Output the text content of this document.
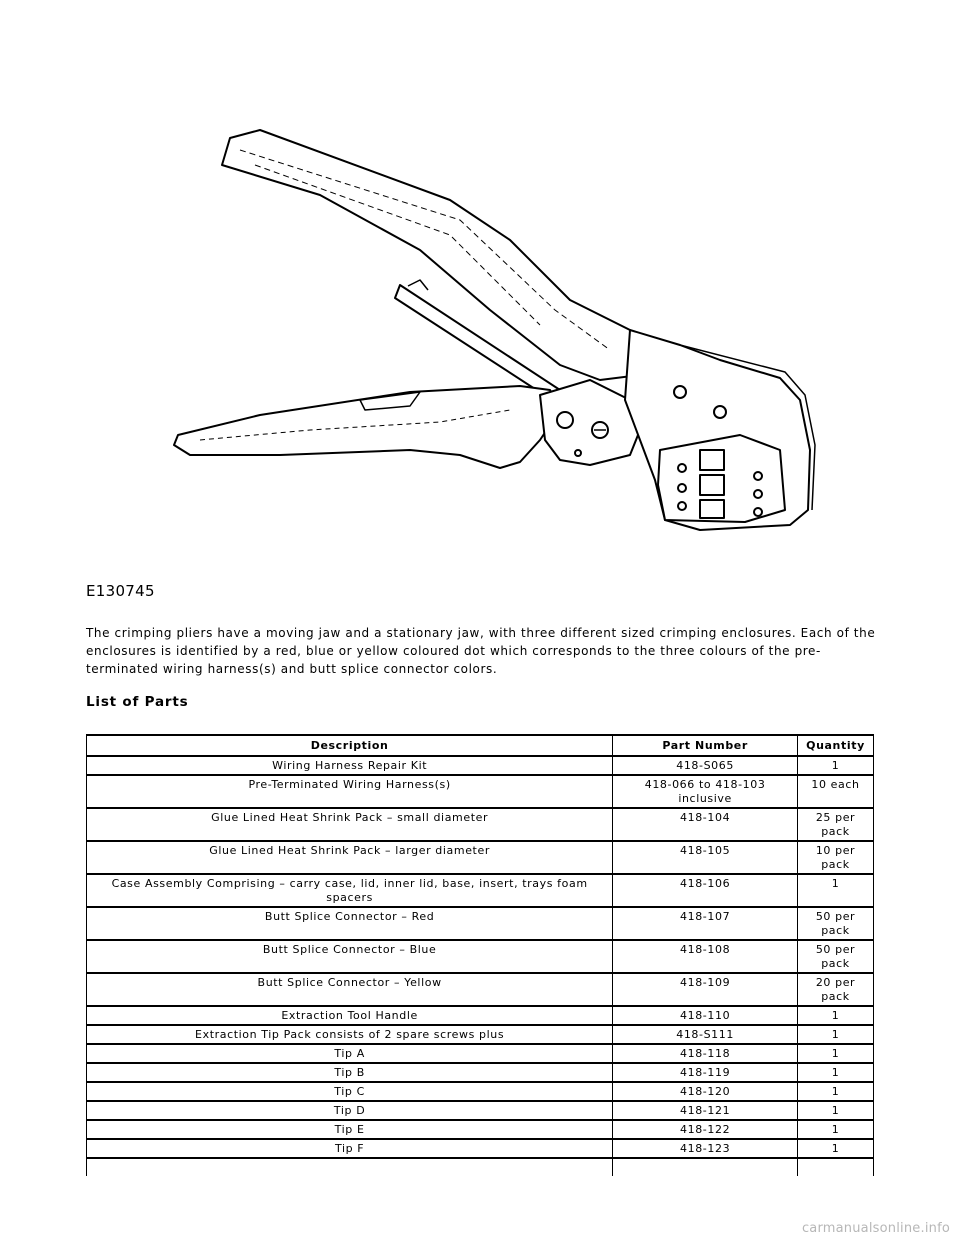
E130745

The crimping pliers have a moving jaw and a stationary jaw, with three different sized crimping enclosures. Each of the enclosures is identified by a red, blue or yellow coloured dot which corresponds to the three colours of the pre-terminated wiring harness(s) and butt splice connector colors.

List of Parts
Description	Part Number	Quantity
Wiring Harness Repair Kit	418-S065	1
Pre-Terminated Wiring Harness(s)	418-066 to 418-103 inclusive	10 each
Glue Lined Heat Shrink Pack – small diameter	418-104	25 per pack
Glue Lined Heat Shrink Pack – larger diameter	418-105	10 per pack
Case Assembly Comprising – carry case, lid, inner lid, base, insert, trays foam spacers	418-106	1
Butt Splice Connector – Red	418-107	50 per pack
Butt Splice Connector – Blue	418-108	50 per pack
Butt Splice Connector – Yellow	418-109	20 per pack
Extraction Tool Handle	418-110	1
Extraction Tip Pack consists of 2 spare screws plus	418-S111	1
Tip A	418-118	1
Tip B	418-119	1
Tip C	418-120	1
Tip D	418-121	1
Tip E	418-122	1
Tip F	418-123	1

carmanualsonline.info
